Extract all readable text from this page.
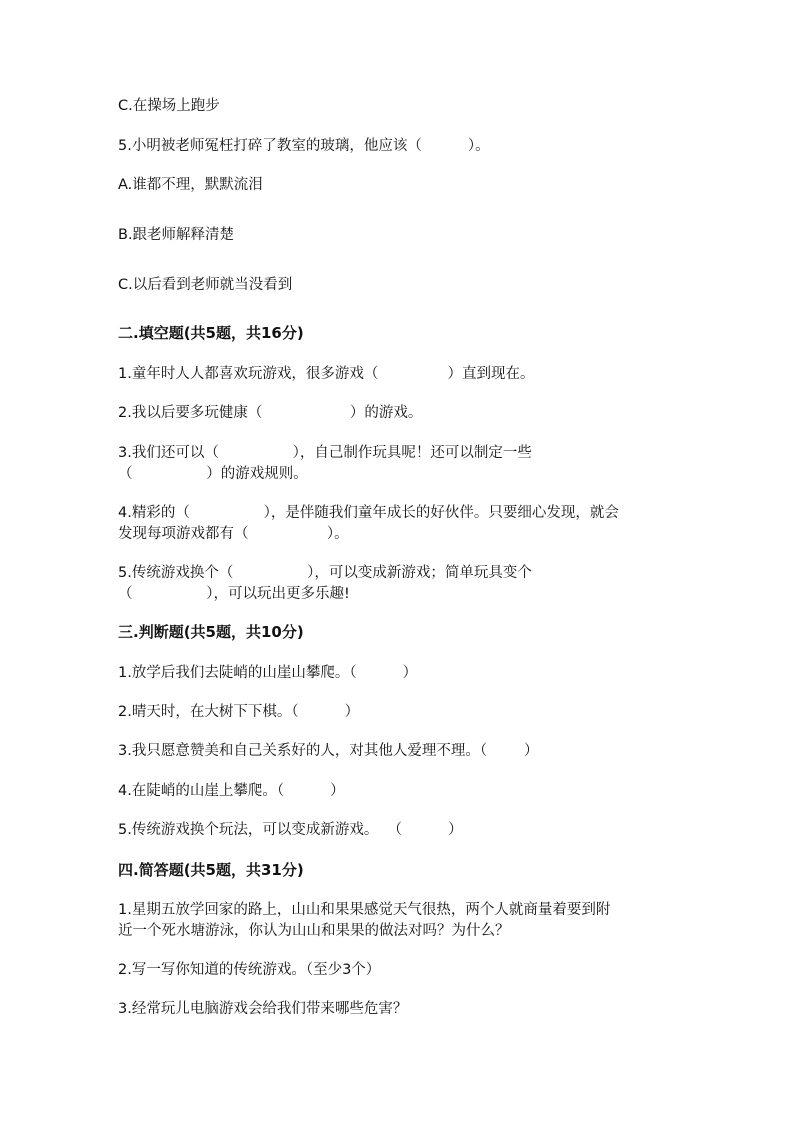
C.在操场上跑步

5.小明被老师冤枉打碎了教室的玻璃，他应该（          ）。

A.谁都不理，默默流泪

B.跟老师解释清楚

C.以后看到老师就当没看到

二.填空题(共5题，共16分)

1.童年时人人都喜欢玩游戏，很多游戏（               ）直到现在。

2.我以后要多玩健康（                   ）的游戏。

3.我们还可以（                ），自己制作玩具呢！还可以制定一些

（                ）的游戏规则。

4.精彩的（                ），是伴随我们童年成长的好伙伴。只要细心发现，就会

发现每项游戏都有（                 ）。

5.传统游戏换个（                ），可以变成新游戏；简单玩具变个

（                ），可以玩出更多乐趣!

三.判断题(共5题，共10分)

1.放学后我们去陡峭的山崖山攀爬。（          ）

2.晴天时，在大树下下棋。（          ）

3.我只愿意赞美和自己关系好的人，对其他人爱理不理。（        ）

4.在陡峭的山崖上攀爬。（          ）

5.传统游戏换个玩法，可以变成新游戏。  （          ）

四.简答题(共5题，共31分)

1.星期五放学回家的路上，山山和果果感觉天气很热，两个人就商量着要到附

近一个死水塘游泳，你认为山山和果果的做法对吗？为什么？

2.写一写你知道的传统游戏。（至少3个）

3.经常玩儿电脑游戏会给我们带来哪些危害？
